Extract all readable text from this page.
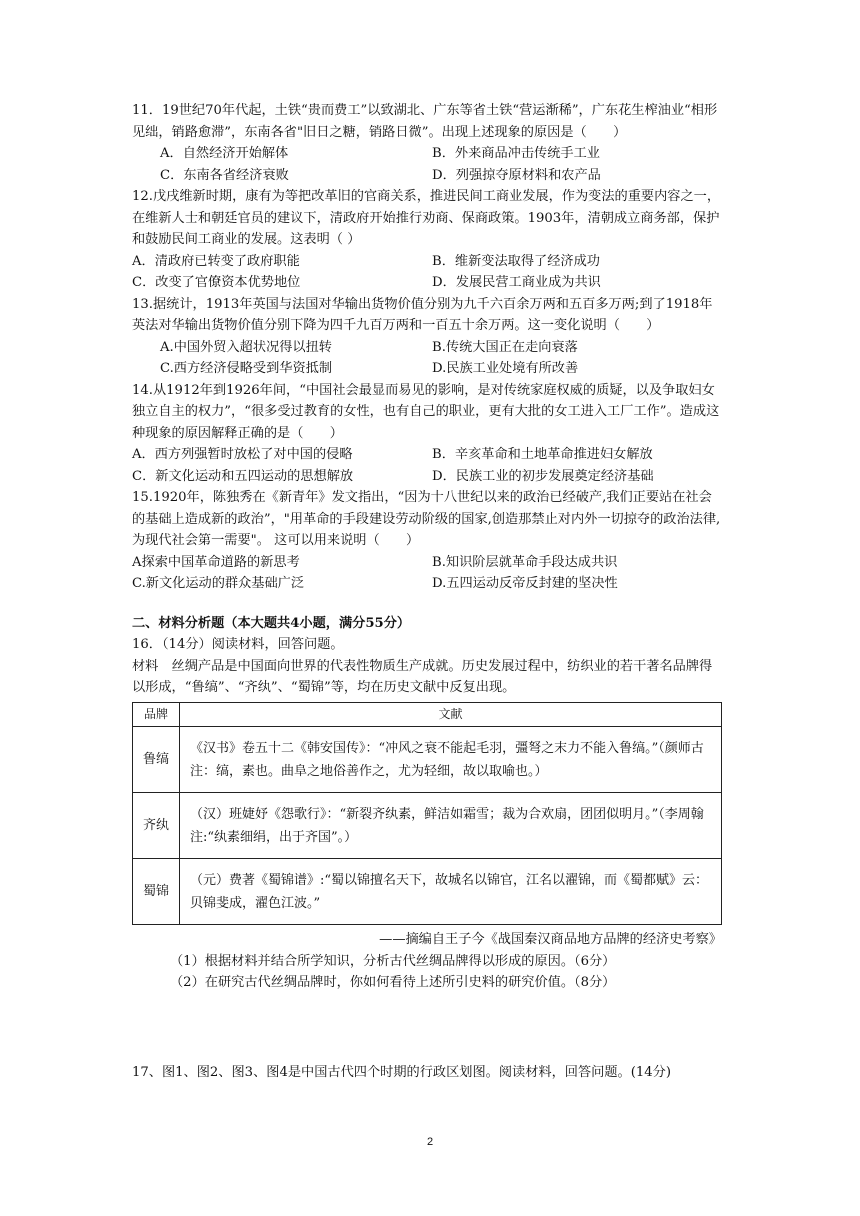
11．19世纪70年代起，土铁“贵而费工”以致湖北、广东等省土铁“营运渐稀”，广东花生榨油业“相形见绌，销路愈滞”，东南各省"旧日之糖，销路日微”。出现上述现象的原因是（　　）

A．自然经济开始解体	B．外来商品冲击传统手工业
C．东南各省经济衰败	D．列强掠夺原材料和农产品

12.戊戌维新时期，康有为等把改革旧的官商关系，推进民间工商业发展，作为变法的重要内容之一，在维新人士和朝廷官员的建议下，清政府开始推行劝商、保商政策。1903年，清朝成立商务部，保护和鼓励民间工商业的发展。这表明（ ）

A．清政府已转变了政府职能	B．维新变法取得了经济成功
C．改变了官僚资本优势地位	D．发展民营工商业成为共识

13.据统计，1913年英国与法国对华输出货物价值分别为九千六百余万两和五百多万两;到了1918年英法对华输出货物价值分别下降为四千九百万两和一百五十余万两。这一变化说明（　　）

A.中国外贸入超状况得以扭转	B.传统大国正在走向衰落
C.西方经济侵略受到华资抵制	D.民族工业处境有所改善

14.从1912年到1926年间，“中国社会最显而易见的影响，是对传统家庭权威的质疑，以及争取妇女独立自主的权力”，“很多受过教育的女性，也有自己的职业，更有大批的女工进入工厂工作”。造成这种现象的原因解释正确的是（　　）

A．西方列强暂时放松了对中国的侵略	B．辛亥革命和土地革命推进妇女解放
C．新文化运动和五四运动的思想解放	D．民族工业的初步发展奠定经济基础

15.1920年，陈独秀在《新青年》发文指出，“因为十八世纪以来的政治已经破产,我们正要站在社会的基础上造成新的政治”，"用革命的手段建设劳动阶级的国家,创造那禁止对内外一切掠夺的政治法律,为现代社会第一需要"。 这可以用来说明（　　）

A探索中国革命道路的新思考	B.知识阶层就革命手段达成共识
C.新文化运动的群众基础广泛	D.五四运动反帝反封建的坚决性

二、材料分析题（本大题共4小题，满分55分）

16．（14分）阅读材料，回答问题。

材料　丝绸产品是中国面向世界的代表性物质生产成就。历史发展过程中，纺织业的若干著名品牌得以形成，“鲁缟”、“齐纨”、“蜀锦”等，均在历史文献中反复出现。

品牌	文献
鲁缟	《汉书》卷五十二《韩安国传》：“冲风之衰不能起毛羽，彊弩之末力不能入鲁缟。”（颜师古注：缟，素也。曲阜之地俗善作之，尤为轻细，故以取喻也。）
齐纨	（汉）班婕妤《怨歌行》：“新裂齐纨素，鲜洁如霜雪；裁为合欢扇，团团似明月。”（李周翰注:“纨素细绢，出于齐国”。）
蜀锦	（元）费著《蜀锦谱》:“蜀以锦擅名天下，故城名以锦官，江名以濯锦，而《蜀都赋》云：贝锦斐成，濯色江波。”

——摘编自王子今《战国秦汉商品地方品牌的经济史考察》

（1）根据材料并结合所学知识，分析古代丝绸品牌得以形成的原因。（6分）

（2）在研究古代丝绸品牌时，你如何看待上述所引史料的研究价值。（8分）

17、图1、图2、图3、图4是中国古代四个时期的行政区划图。阅读材料，回答问题。(14分)

2
